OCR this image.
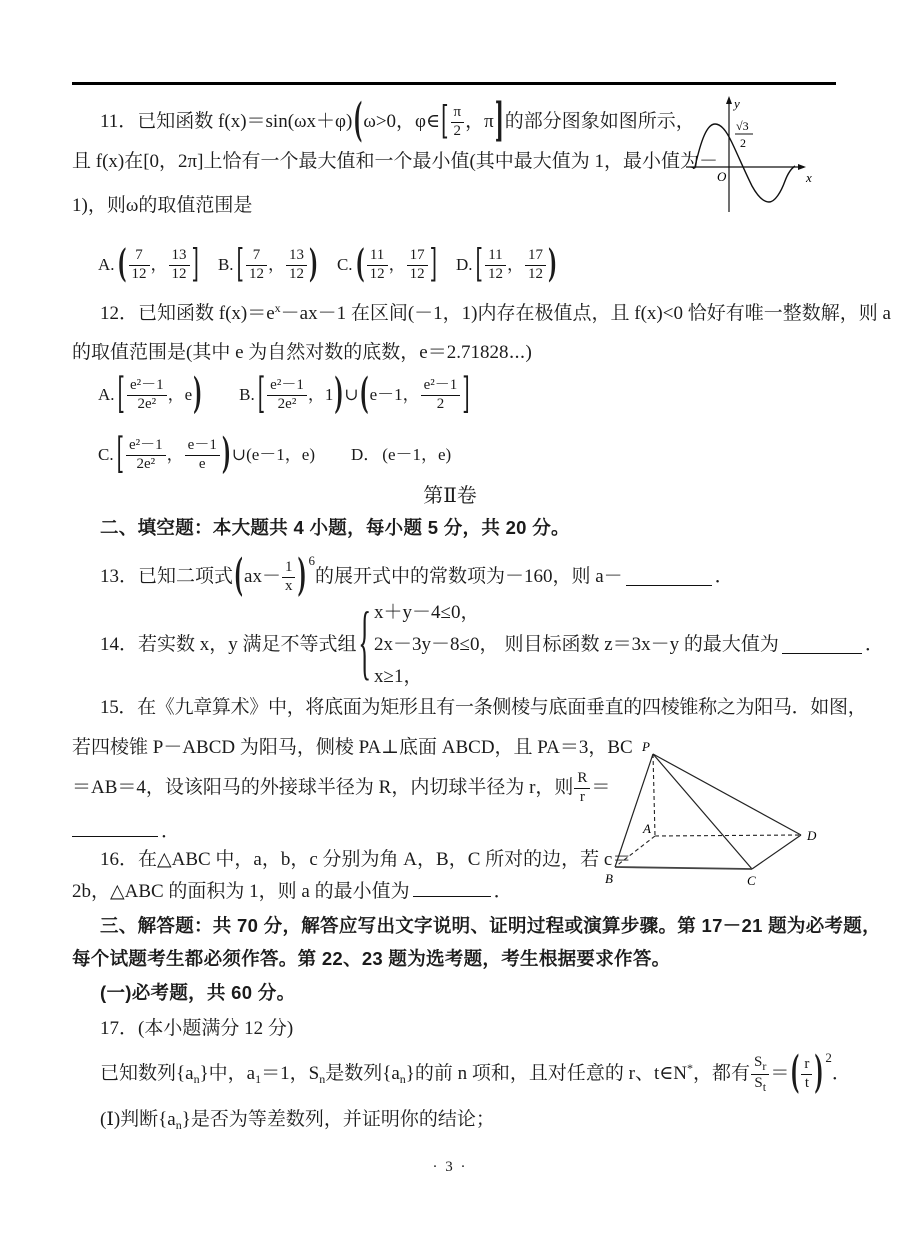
11．已知函数 f(x)＝sin(ωx＋φ) ( ω>0，φ∈ [ π
2 ，π ] 的部分图象如图所示，
且 f(x)在[0，2π]上恰有一个最大值和一个最小值(其中最大值为 1，最小值为－
1)，则ω的取值范围是
y
x
O
√3
2
A. ( 7
12 ，
13
12 ] B. [ 7
12 ，
13
12 ) C. ( 11
12 ，
17
12 ] D. [ 11
12 ，
17
12 )
12．已知函数 $f(x)=e^x-ax-1$ 在区间(－1，1)内存在极值点，且 f(x)<0 恰好有唯一整数解，则 a
的取值范围是(其中 e 为自然对数的底数，e＝2.71828⋯)
A. [ e²－1
2e² ，e ) B. [ e²－1
2e² ，1 ) ∪ ( e－1，
e²－1
2 ]
C. [ e²－1
2e² ，
e－1
e ) ∪ (e－1，e) D． (e－1，e)
第Ⅱ卷
二、填空题：本大题共 4 小题，每小题 5 分，共 20 分。
13．已知二项式 ( ax－ 1
x ) 6
的展开式中的常数项为－160，则 a－	．
14．若实数 x，y 满足不等式组 { x＋y－4≤0，
2x－3y－8≤0，
x≥1，
则目标函数 z＝3x－y 的最大值为	．
15．在《九章算术》中，将底面为矩形且有一条侧棱与底面垂直的四棱锥称之为阳马．如图，
若四棱锥 P－ABCD 为阳马，侧棱 PA⊥底面 ABCD，且 PA＝3，BC
＝AB＝4，设该阳马的外接球半径为 R，内切球半径为 r，则 R
r ＝
．
P
A
B	C
D
16．在△ABC 中，a，b，c 分别为角 A，B，C 所对的边，若 c＝
2b，△ABC 的面积为 1，则 a 的最小值为	．
三、解答题：共 70 分，解答应写出文字说明、证明过程或演算步骤。第 17－21 题为必考题，
每个试题考生都必须作答。第 22、23 题为选考题，考生根据要求作答。
(一)必考题，共 60 分。
17．(本小题满分 12 分)
已知数列$\{a_n\}$中，$a_1=1$，$S_n$是数列$\{a_n\}$的前 n 项和，且对任意的 r、t∈N*，都有
$S_r$
$S_t$
＝ ( r
t ) 2
．
(Ⅰ)判断$\{a_n\}$是否为等差数列，并证明你的结论；
· 3 ·
